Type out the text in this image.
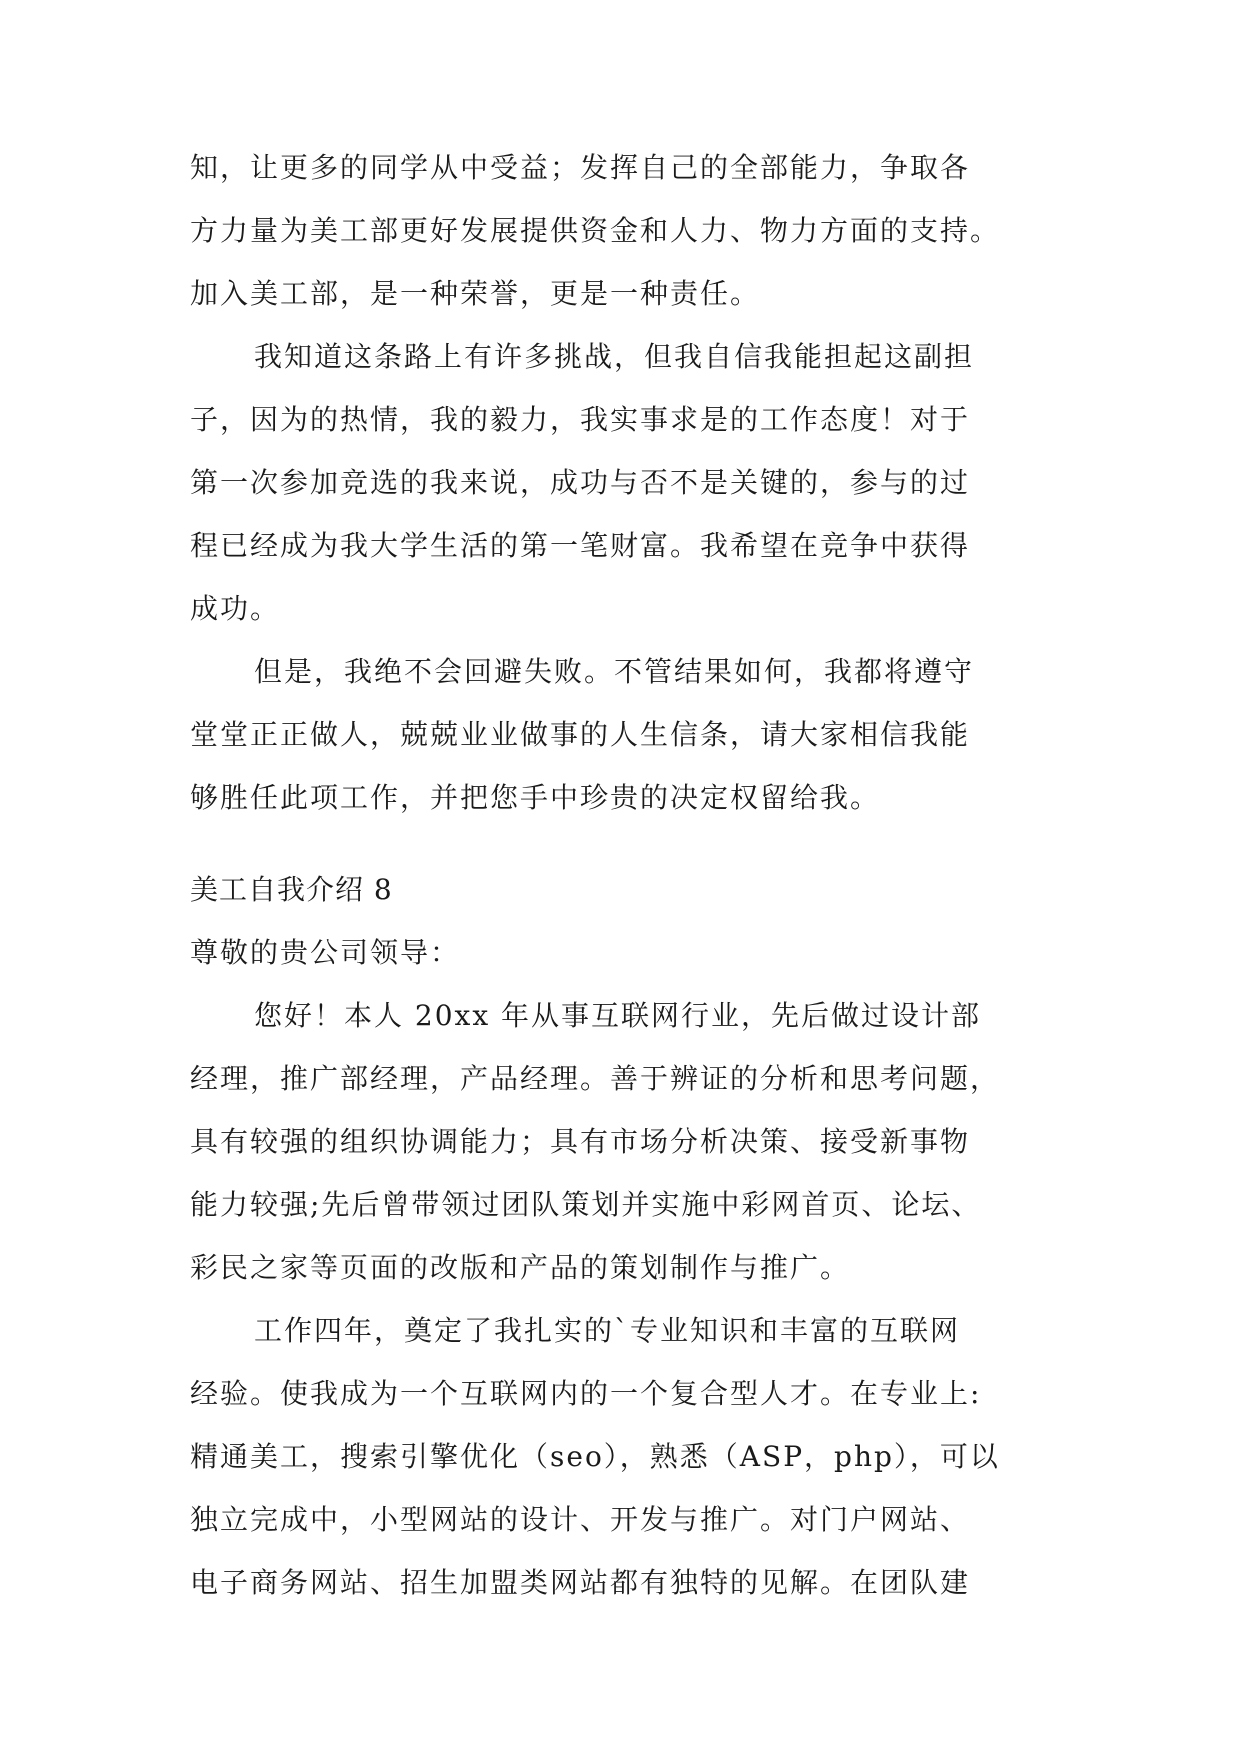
知，让更多的同学从中受益；发挥自己的全部能力，争取各
方力量为美工部更好发展提供资金和人力、物力方面的支持。
加入美工部，是一种荣誉，更是一种责任。
我知道这条路上有许多挑战，但我自信我能担起这副担
子，因为的热情，我的毅力，我实事求是的工作态度！对于
第一次参加竞选的我来说，成功与否不是关键的，参与的过
程已经成为我大学生活的第一笔财富。我希望在竞争中获得
成功。
但是，我绝不会回避失败。不管结果如何，我都将遵守
堂堂正正做人，兢兢业业做事的人生信条，请大家相信我能
够胜任此项工作，并把您手中珍贵的决定权留给我。
美工自我介绍 8
尊敬的贵公司领导：
您好！本人 20xx 年从事互联网行业，先后做过设计部
经理，推广部经理，产品经理。善于辨证的分析和思考问题，
具有较强的组织协调能力；具有市场分析决策、接受新事物
能力较强;先后曾带领过团队策划并实施中彩网首页、论坛、
彩民之家等页面的改版和产品的策划制作与推广。
工作四年，奠定了我扎实的`专业知识和丰富的互联网
经验。使我成为一个互联网内的一个复合型人才。在专业上:
精通美工，搜索引擎优化（seo），熟悉（ASP，php），可以
独立完成中，小型网站的设计、开发与推广。对门户网站、
电子商务网站、招生加盟类网站都有独特的见解。在团队建
